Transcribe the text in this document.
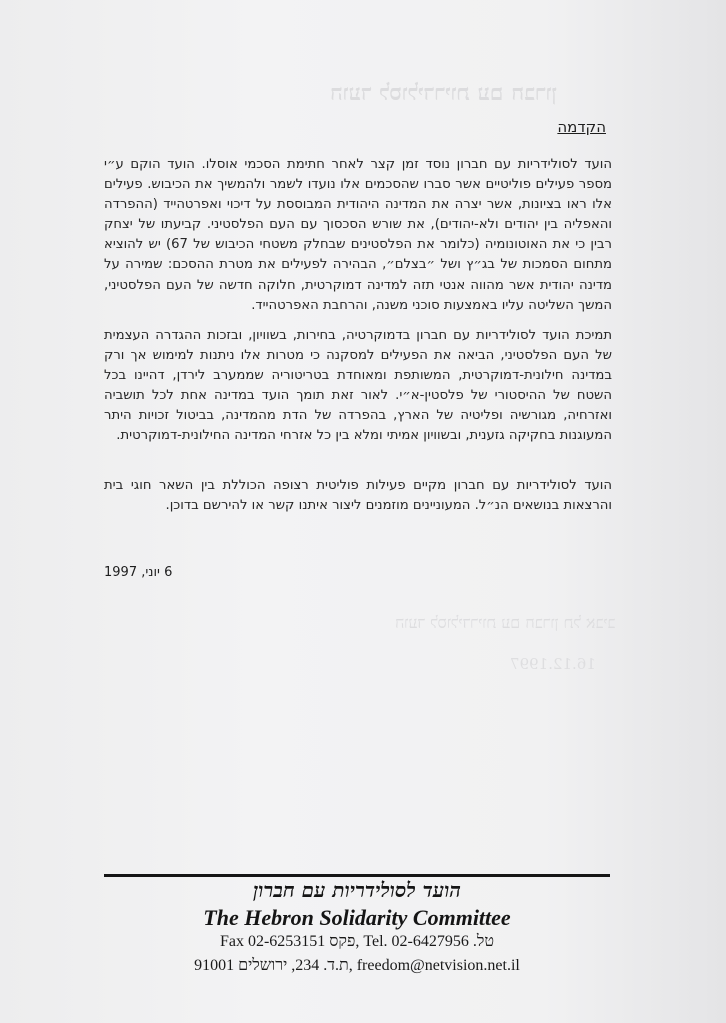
הועד לסולידריות עם חברון
הועד לסולידריות עם חברון תל אביב
16.12.1997
הקדמה
הועד לסולידריות עם חברון נוסד זמן קצר לאחר חתימת הסכמי אוסלו. הועד הוקם ע״י מספר פעילים פוליטיים אשר סברו שהסכמים אלו נועדו לשמר ולהמשיך את הכיבוש. פעילים אלו ראו בציונות, אשר יצרה את המדינה היהודית המבוססת על דיכוי ואפרטהייד (ההפרדה והאפליה בין יהודים ולא-יהודים), את שורש הסכסוך עם העם הפלסטיני. קביעתו של יצחק רבין כי את האוטונומיה (כלומר את הפלסטינים שבחלק משטחי הכיבוש של 67) יש להוציא מתחום הסמכות של בג״ץ ושל ״בצלם״, הבהירה לפעילים את מטרת ההסכם: שמירה על מדינה יהודית אשר מהווה אנטי תזה למדינה דמוקרטית, חלוקה חדשה של העם הפלסטיני, המשך השליטה עליו באמצעות סוכני משנה, והרחבת האפרטהייד.
תמיכת הועד לסולידריות עם חברון בדמוקרטיה, בחירות, בשוויון, ובזכות ההגדרה העצמית של העם הפלסטיני, הביאה את הפעילים למסקנה כי מטרות אלו ניתנות למימוש אך ורק במדינה חילונית-דמוקרטית, המשותפת ומאוחדת בטריטוריה שממערב לירדן, דהיינו בכל השטח של ההיסטורי של פלסטין-א״י. לאור זאת תומך הועד במדינה אחת לכל תושביה ואזרחיה, מגורשיה ופליטיה של הארץ, בהפרדה של הדת מהמדינה, בביטול זכויות היתר המעוגנות בחקיקה גזענית, ובשוויון אמיתי ומלא בין כל אזרחי המדינה החילונית-דמוקרטית.
הועד לסולידריות עם חברון מקיים פעילות פוליטית רצופה הכוללת בין השאר חוגי בית והרצאות בנושאים הנ״ל. המעוניינים מוזמנים ליצור איתנו קשר או להירשם בדוכן.
6 יוני, 1997
הועד לסולידריות עם חברון
The Hebron Solidarity Committee
טל. Tel. 02-6427956 ,פקס Fax 02-6253151
freedom@netvision.net.il ,ת.ד. 234, ירושלים 91001
